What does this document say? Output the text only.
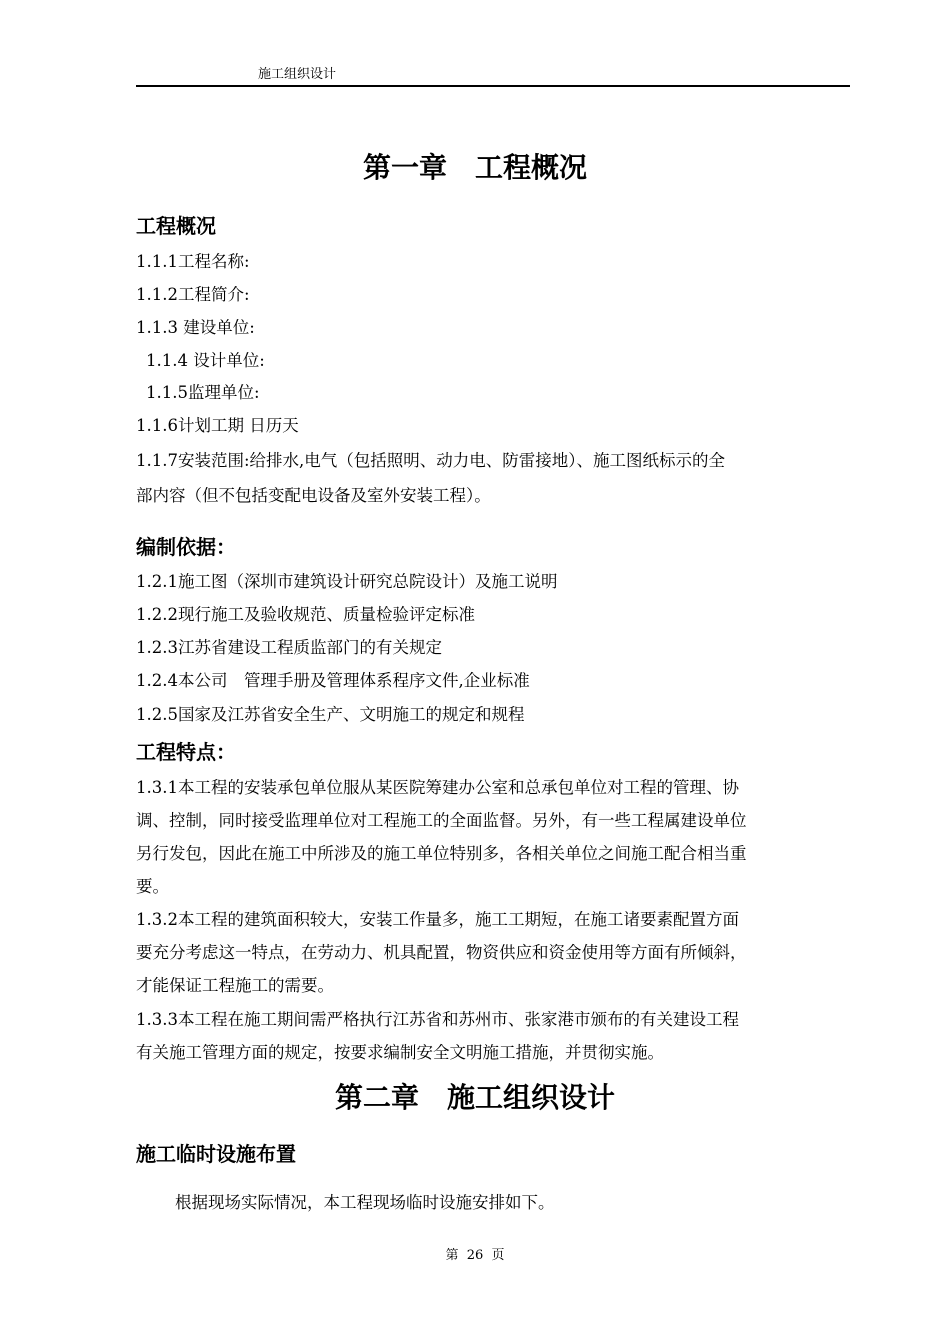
施工组织设计
第一章　工程概况
工程概况
1.1.1工程名称:
1.1.2工程简介:
1.1.3 建设单位:
1.1.4 设计单位:
1.1.5监理单位:
1.1.6计划工期 日历天
1.1.7安装范围:给排水,电气（包括照明、动力电、防雷接地）、施工图纸标示的全
部内容（但不包括变配电设备及室外安装工程）。
编制依据：
1.2.1施工图（深圳市建筑设计研究总院设计）及施工说明
1.2.2现行施工及验收规范、质量检验评定标准
1.2.3江苏省建设工程质监部门的有关规定
1.2.4本公司　管理手册及管理体系程序文件,企业标准
1.2.5国家及江苏省安全生产、文明施工的规定和规程
工程特点：
1.3.1本工程的安装承包单位服从某医院筹建办公室和总承包单位对工程的管理、协
调、控制，同时接受监理单位对工程施工的全面监督。另外，有一些工程属建设单位
另行发包，因此在施工中所涉及的施工单位特别多，各相关单位之间施工配合相当重
要。
1.3.2本工程的建筑面积较大，安装工作量多，施工工期短，在施工诸要素配置方面
要充分考虑这一特点，在劳动力、机具配置，物资供应和资金使用等方面有所倾斜，
才能保证工程施工的需要。
1.3.3本工程在施工期间需严格执行江苏省和苏州市、张家港市颁布的有关建设工程
有关施工管理方面的规定，按要求编制安全文明施工措施，并贯彻实施。
第二章　施工组织设计
施工临时设施布置
根据现场实际情况，本工程现场临时设施安排如下。
第  26  页
